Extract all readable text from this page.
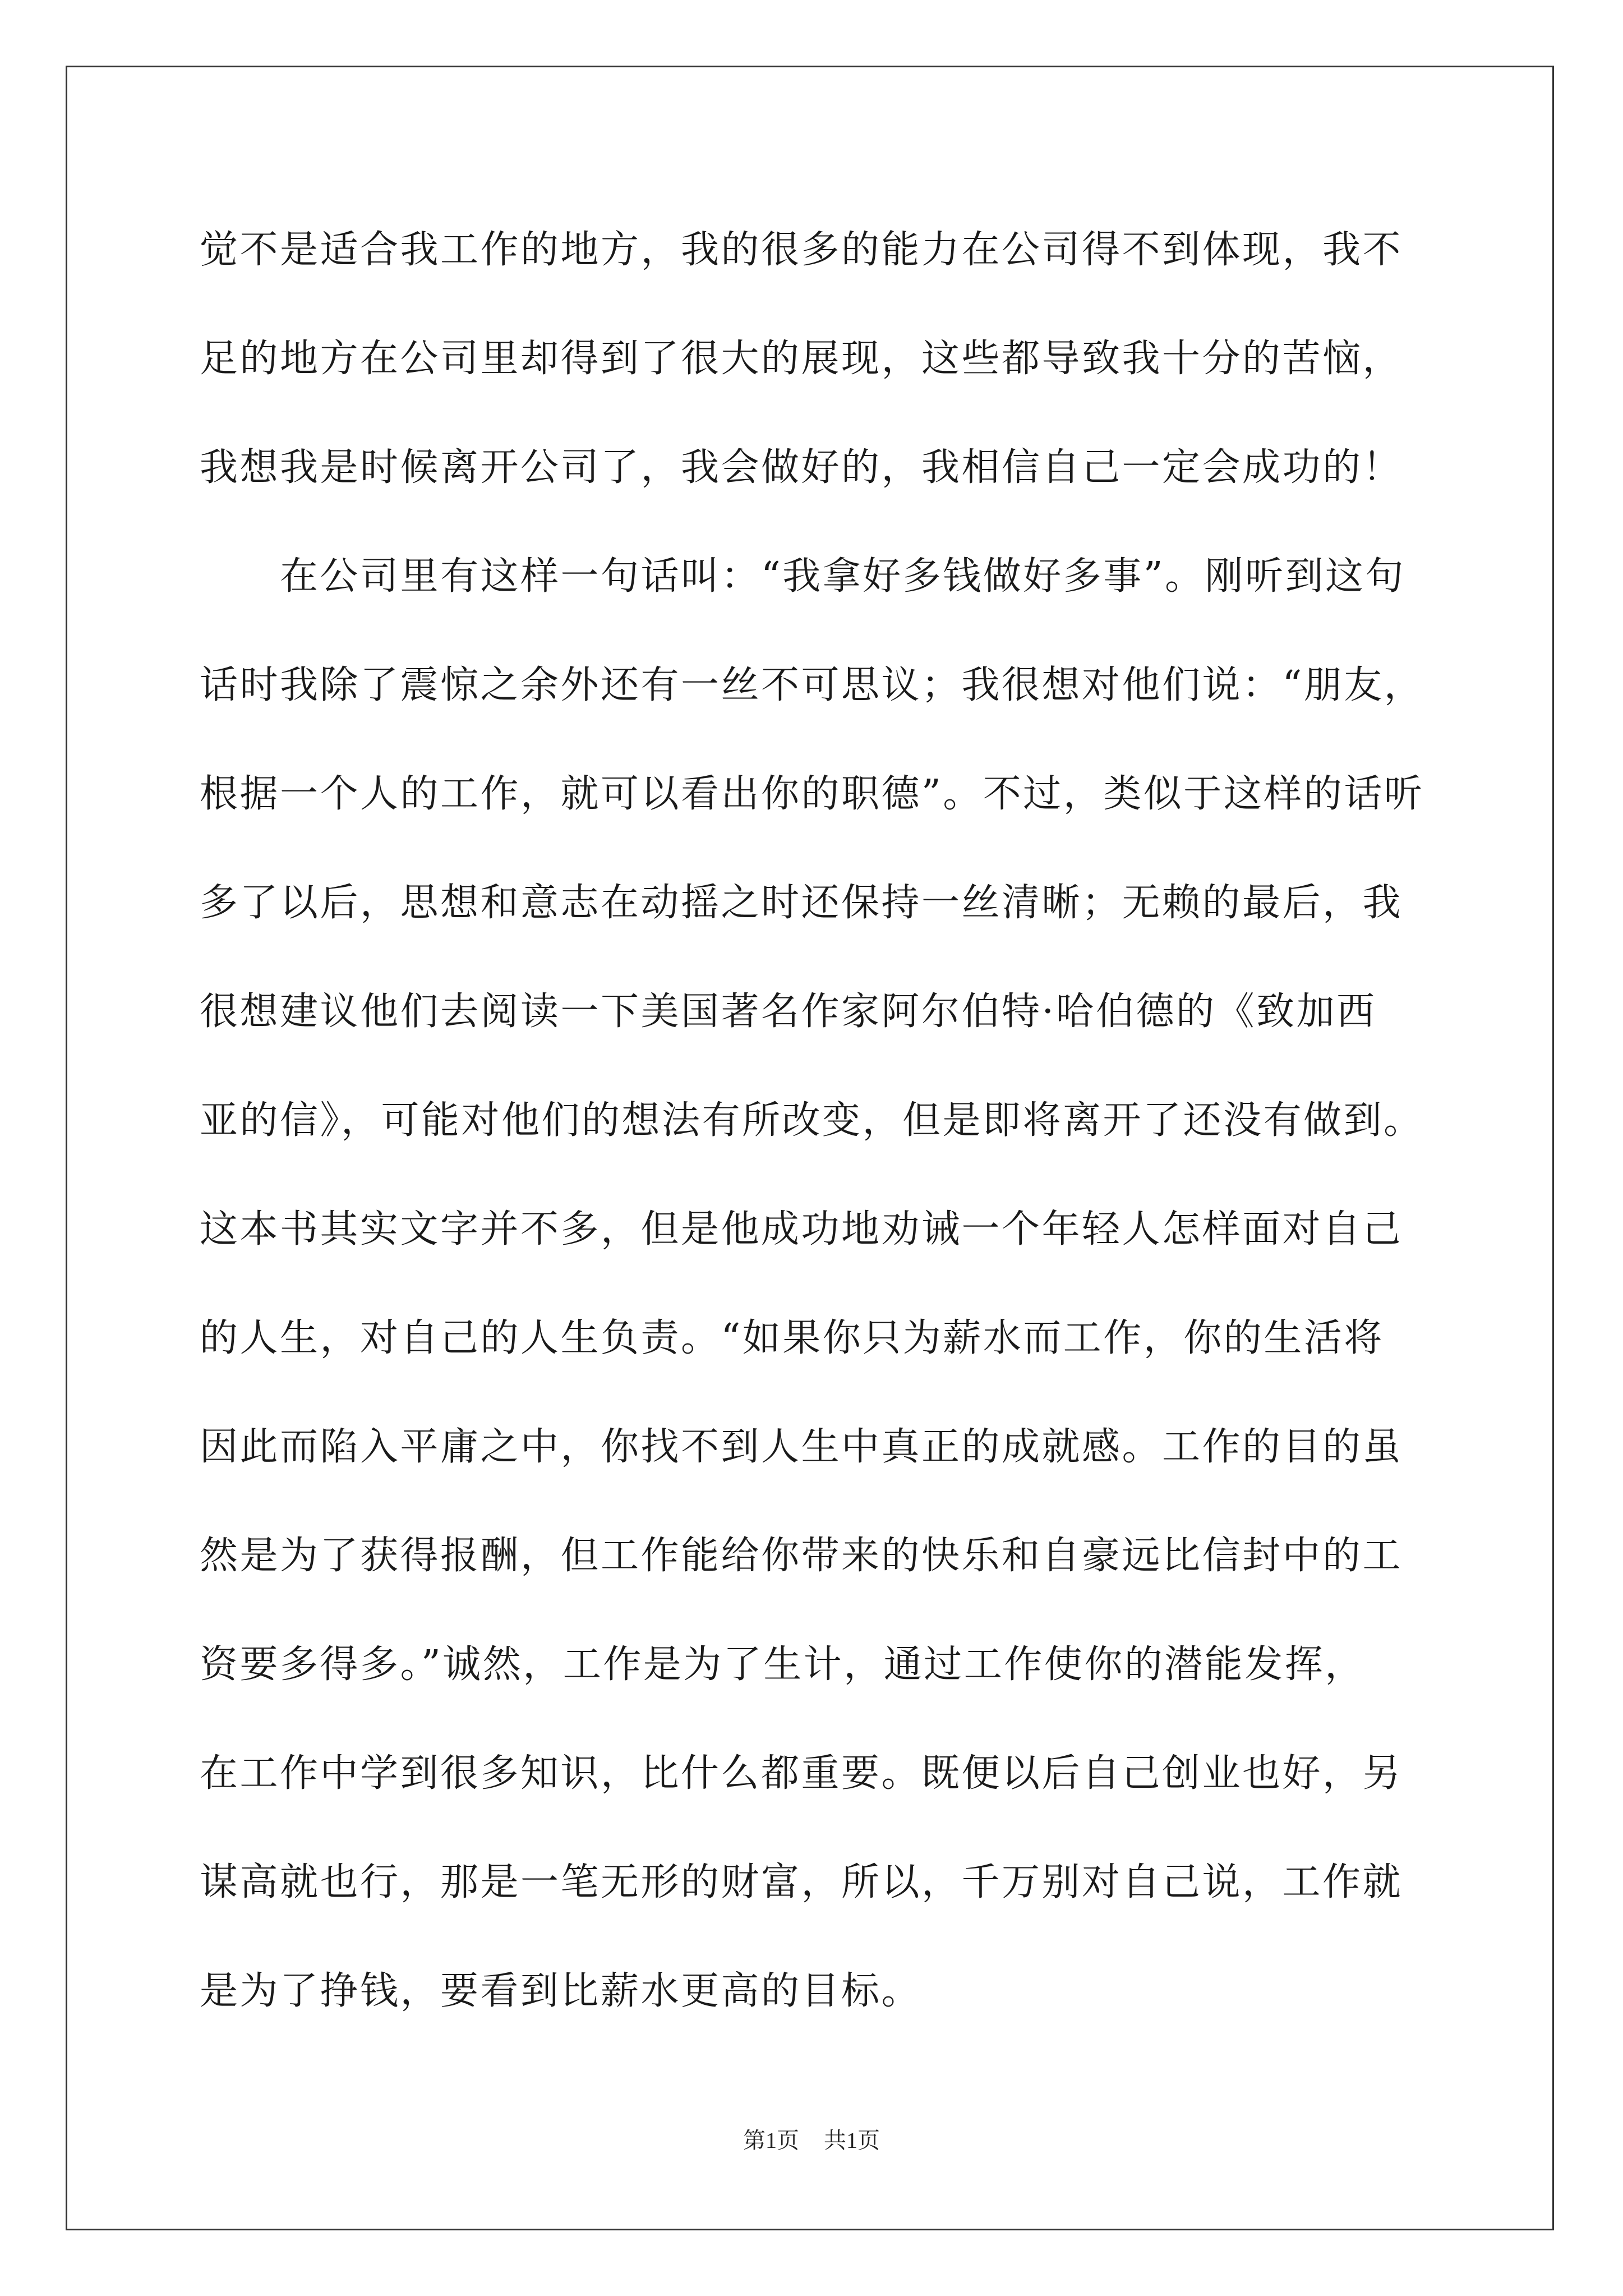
觉不是适合我工作的地方，我的很多的能力在公司得不到体现，我不
足的地方在公司里却得到了很大的展现，这些都导致我十分的苦恼，
我想我是时候离开公司了，我会做好的，我相信自己一定会成功的！
　　在公司里有这样一句话叫：“我拿好多钱做好多事”。刚听到这句
话时我除了震惊之余外还有一丝不可思议；我很想对他们说：“朋友，
根据一个人的工作，就可以看出你的职德”。不过，类似于这样的话听
多了以后，思想和意志在动摇之时还保持一丝清晰；无赖的最后，我
很想建议他们去阅读一下美国著名作家阿尔伯特·哈伯德的《致加西
亚的信》，可能对他们的想法有所改变，但是即将离开了还没有做到。
这本书其实文字并不多，但是他成功地劝诫一个年轻人怎样面对自己
的人生，对自己的人生负责。“如果你只为薪水而工作，你的生活将
因此而陷入平庸之中，你找不到人生中真正的成就感。工作的目的虽
然是为了获得报酬，但工作能给你带来的快乐和自豪远比信封中的工
资要多得多。”诚然，工作是为了生计，通过工作使你的潜能发挥，
在工作中学到很多知识，比什么都重要。既便以后自己创业也好，另
谋高就也行，那是一笔无形的财富，所以，千万别对自己说，工作就
是为了挣钱，要看到比薪水更高的目标。
第1页 共1页
